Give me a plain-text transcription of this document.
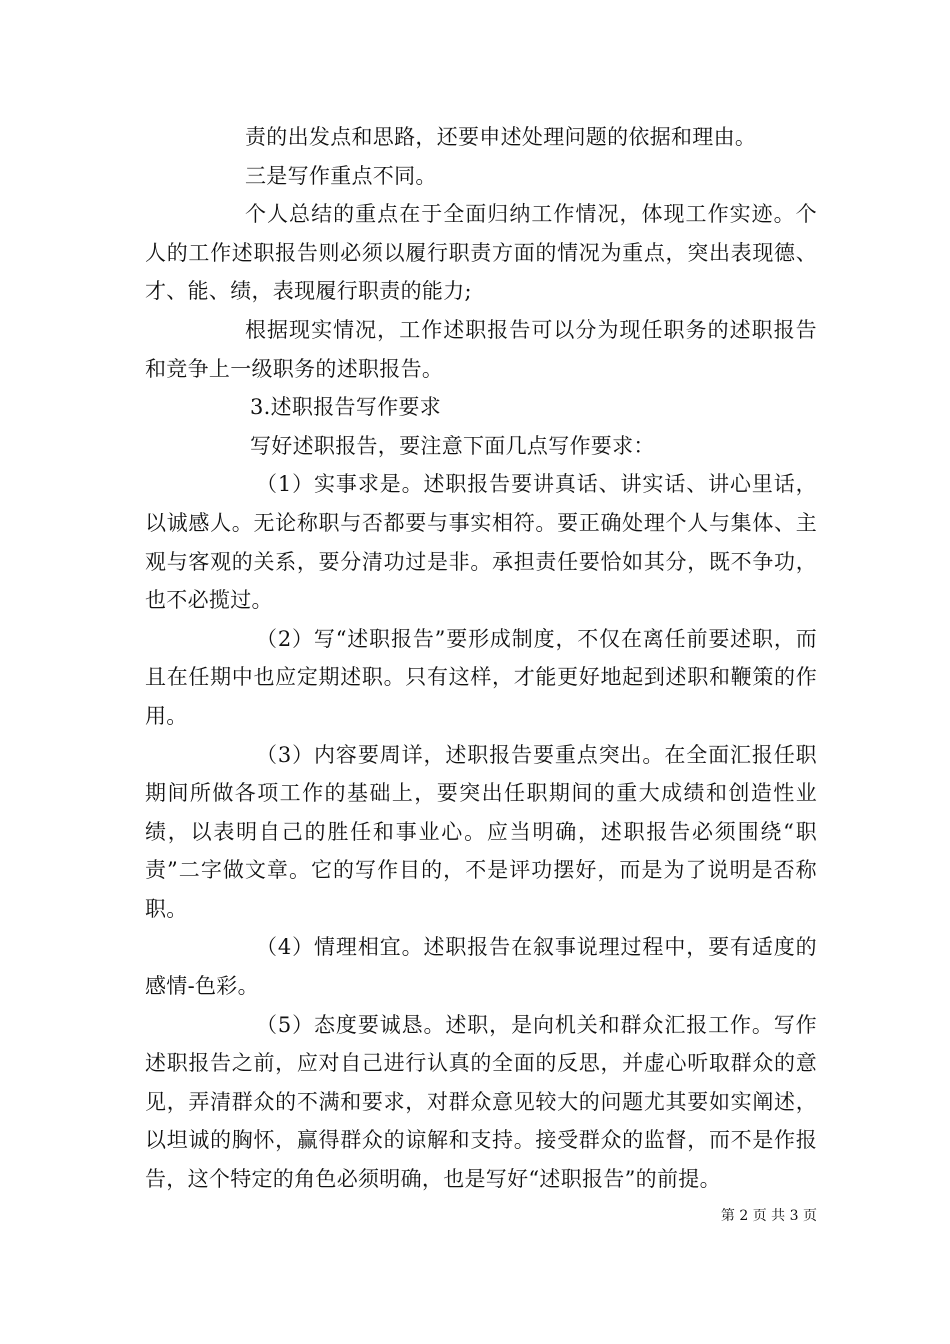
责的出发点和思路，还要申述处理问题的依据和理由。

三是写作重点不同。

个人总结的重点在于全面归纳工作情况，体现工作实迹。个人的工作述职报告则必须以履行职责方面的情况为重点，突出表现德、才、能、绩，表现履行职责的能力;

根据现实情况，工作述职报告可以分为现任职务的述职报告和竞争上一级职务的述职报告。

3.述职报告写作要求

写好述职报告，要注意下面几点写作要求：

（1）实事求是。述职报告要讲真话、讲实话、讲心里话，以诚感人。无论称职与否都要与事实相符。要正确处理个人与集体、主观与客观的关系，要分清功过是非。承担责任要恰如其分，既不争功，也不必揽过。

（2）写“述职报告”要形成制度，不仅在离任前要述职，而且在任期中也应定期述职。只有这样，才能更好地起到述职和鞭策的作用。

（3）内容要周详，述职报告要重点突出。在全面汇报任职期间所做各项工作的基础上，要突出任职期间的重大成绩和创造性业绩，以表明自己的胜任和事业心。应当明确，述职报告必须围绕“职责”二字做文章。它的写作目的，不是评功摆好，而是为了说明是否称职。

（4）情理相宜。述职报告在叙事说理过程中，要有适度的感情-色彩。

（5）态度要诚恳。述职，是向机关和群众汇报工作。写作述职报告之前，应对自己进行认真的全面的反思，并虚心听取群众的意见，弄清群众的不满和要求，对群众意见较大的问题尤其要如实阐述，以坦诚的胸怀，赢得群众的谅解和支持。接受群众的监督，而不是作报告，这个特定的角色必须明确，也是写好“述职报告”的前提。

第 2 页 共 3 页
